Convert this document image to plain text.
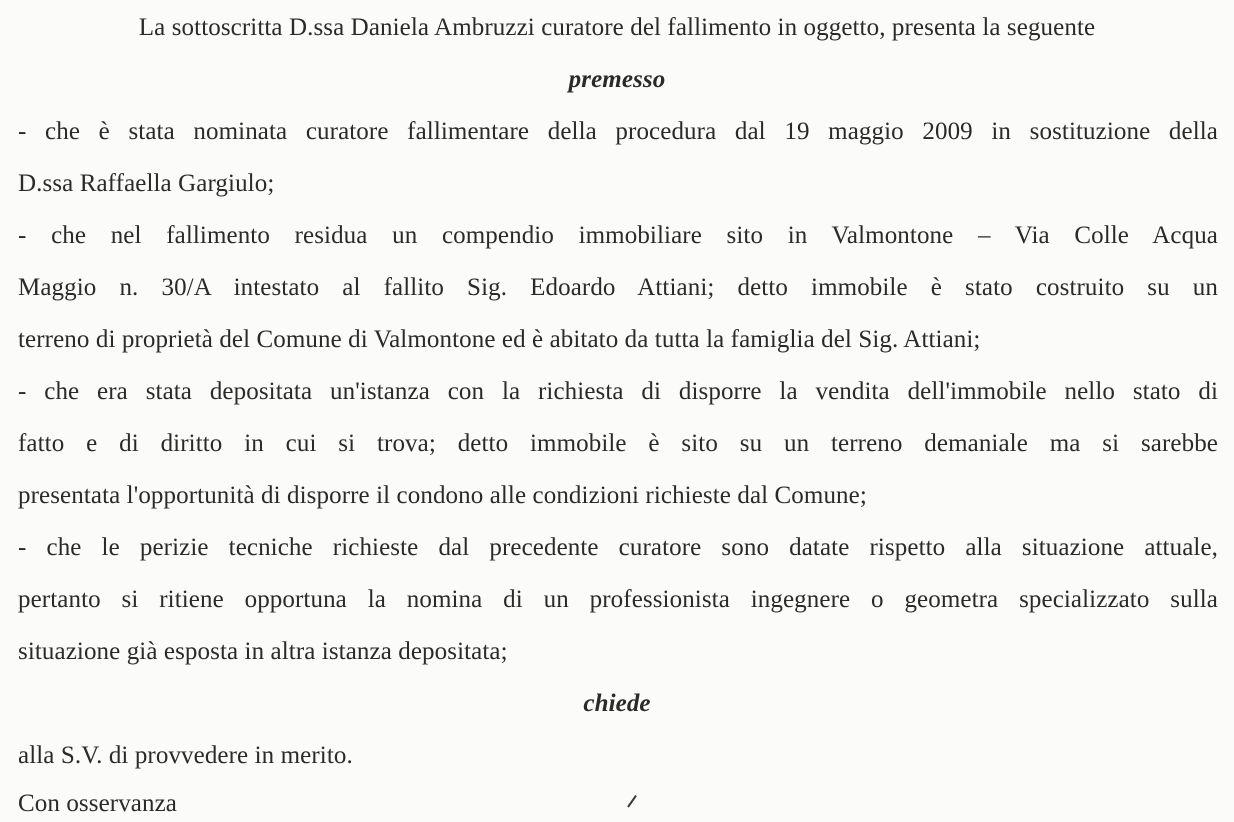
La sottoscritta D.ssa Daniela Ambruzzi curatore del fallimento in oggetto, presenta la seguente
premesso
- che è stata nominata curatore fallimentare della procedura dal 19 maggio 2009 in sostituzione della
D.ssa Raffaella Gargiulo;
- che nel fallimento residua un compendio immobiliare sito in Valmontone – Via Colle Acqua
Maggio n. 30/A intestato al fallito Sig. Edoardo Attiani; detto immobile è stato costruito su un
terreno di proprietà del Comune di Valmontone ed è abitato da tutta la famiglia del Sig. Attiani;
- che era stata depositata un'istanza con la richiesta di disporre la vendita dell'immobile nello stato di
fatto e di diritto in cui si trova; detto immobile è sito su un terreno demaniale ma si sarebbe
presentata l'opportunità di disporre il condono alle condizioni richieste dal Comune;
- che le perizie tecniche richieste dal precedente curatore sono datate rispetto alla situazione attuale,
pertanto si ritiene opportuna la nomina di un professionista ingegnere o geometra specializzato sulla
situazione già esposta in altra istanza depositata;
chiede
alla S.V. di provvedere in merito.
Con osservanza
